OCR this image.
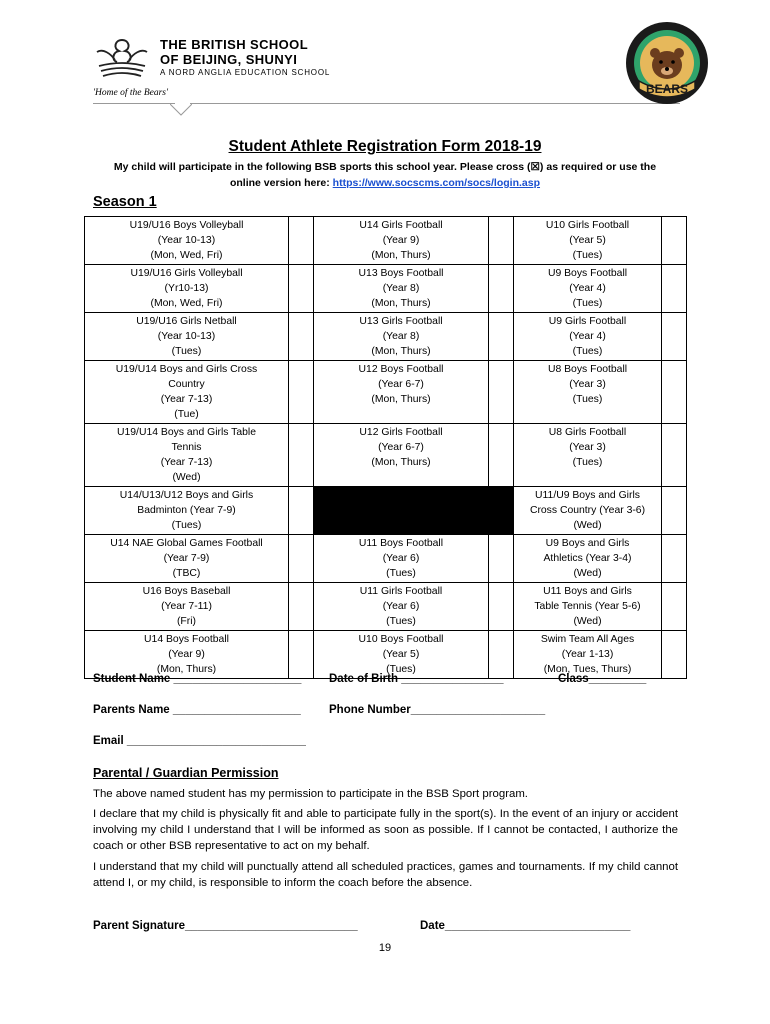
THE BRITISH SCHOOL
OF BEIJING, SHUNYI
A NORD ANGLIA EDUCATION SCHOOL
'Home of the Bears'	BEARS
Student Athlete Registration Form 2018-19
My child will participate in the following BSB sports this school year. Please cross (☒) as required or use the
online version here: https://www.socscms.com/socs/login.asp
Season 1
U19/U16 Boys Volleyball
(Year 10-13)
(Mon, Wed, Fri)		U14 Girls Football
(Year 9)
(Mon, Thurs)		U10 Girls Football
(Year 5)
(Tues)	

U19/U16 Girls Volleyball
(Yr10-13)
(Mon, Wed, Fri)		U13 Boys Football
(Year 8)
(Mon, Thurs)		U9 Boys Football
(Year 4)
(Tues)	

U19/U16 Girls Netball
(Year 10-13)
(Tues)		U13 Girls Football
(Year 8)
(Mon, Thurs)		U9 Girls Football
(Year 4)
(Tues)	

U19/U14 Boys and Girls Cross
Country
(Year 7-13)
(Tue)		U12 Boys Football
(Year 6-7)
(Mon, Thurs)		U8 Boys Football
(Year 3)
(Tues)	

U19/U14 Boys and Girls Table
Tennis
(Year 7-13)
(Wed)		U12 Girls Football
(Year 6-7)
(Mon, Thurs)		U8 Girls Football
(Year 3)
(Tues)	

U14/U13/U12 Boys and Girls
Badminton (Year 7-9)
(Tues)				U11/U9 Boys and Girls
Cross Country (Year 3-6)
(Wed)	

U14 NAE Global Games Football
(Year 7-9)
(TBC)		U11 Boys Football
(Year 6)
(Tues)		U9 Boys and Girls
Athletics (Year 3-4)
(Wed)	

U16 Boys Baseball
(Year 7-11)
(Fri)		U11 Girls Football
(Year 6)
(Tues)		U11 Boys and Girls
Table Tennis (Year 5-6)
(Wed)	

U14 Boys Football
(Year 9)
(Mon, Thurs)		U10 Boys Football
(Year 5)
(Tues)		Swim Team All Ages
(Year 1-13)
(Mon, Tues, Thurs)	

Student Name ____________________ Date of Birth ________________	Class_________
Parents Name ____________________ Phone Number_____________________
Email ____________________________
Parental / Guardian Permission
The above named student has my permission to participate in the BSB Sport program.
I declare that my child is physically fit and able to participate fully in the sport(s). In the event of an injury or accident involving my child I understand that I will be informed as soon as possible. If I cannot be contacted, I authorize the coach or other BSB representative to act on my behalf.
I understand that my child will punctually attend all scheduled practices, games and tournaments. If my child cannot attend I, or my child, is responsible to inform the coach before the absence.
Parent Signature___________________________	Date_____________________________
19
